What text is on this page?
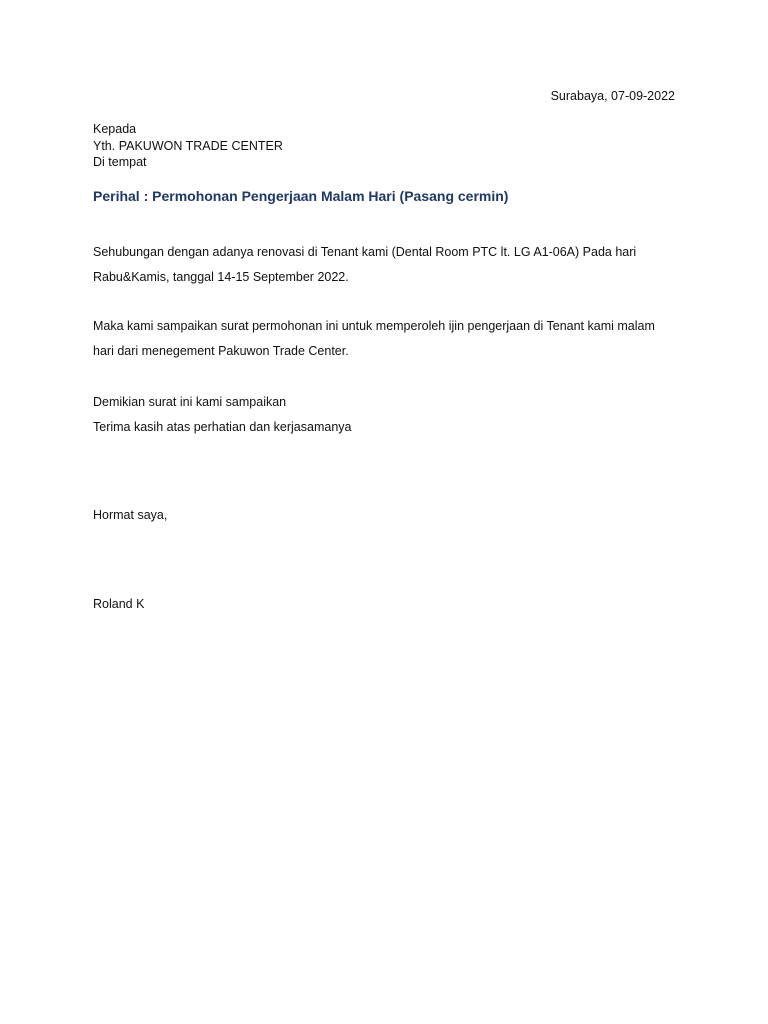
Surabaya, 07-09-2022
Kepada
Yth. PAKUWON TRADE CENTER
Di tempat
Perihal : Permohonan Pengerjaan Malam Hari (Pasang cermin)

Sehubungan dengan adanya renovasi di Tenant kami (Dental Room PTC lt. LG A1-06A) Pada hari Rabu&Kamis, tanggal 14-15 September 2022.

Maka kami sampaikan surat permohonan ini untuk memperoleh ijin pengerjaan di Tenant kami malam hari dari menegement Pakuwon Trade Center.

Demikian surat ini kami sampaikan
Terima kasih atas perhatian dan kerjasamanya
Hormat saya,
Roland K
